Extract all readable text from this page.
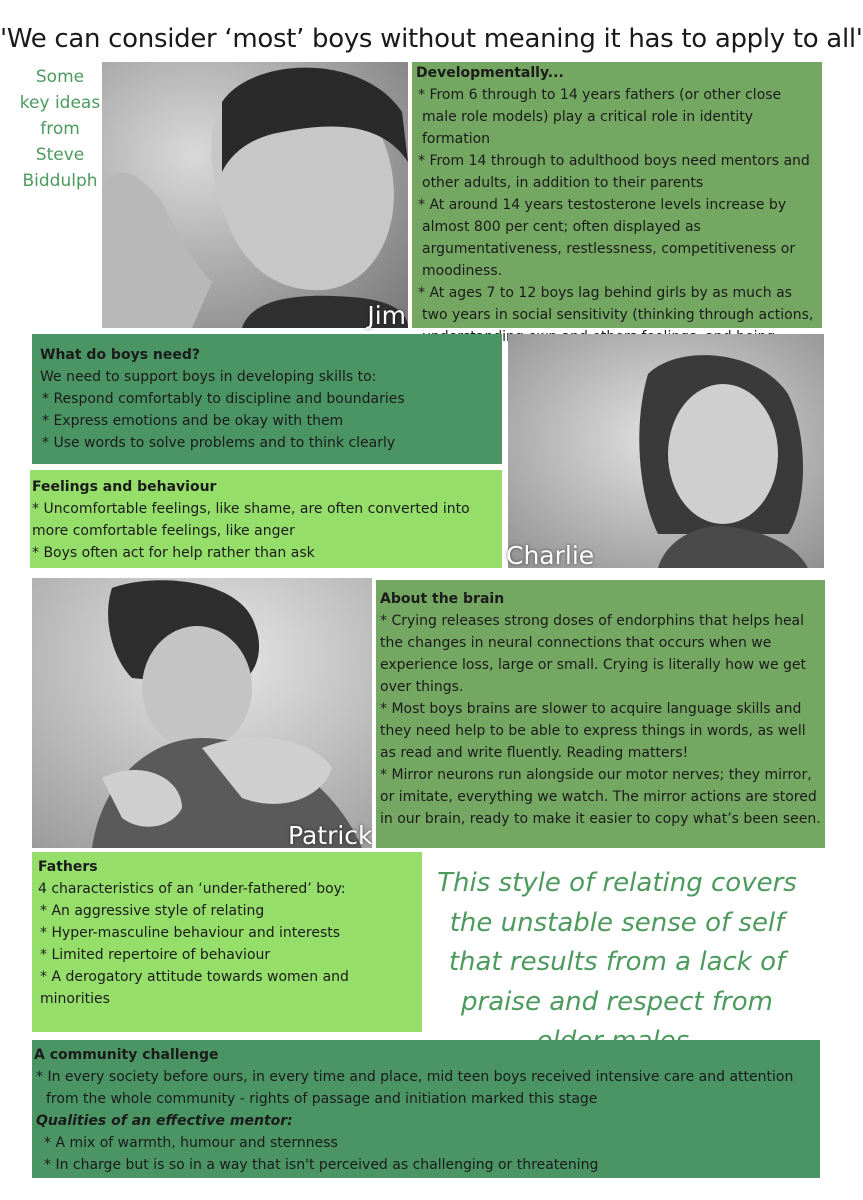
'We can consider ‘most’ boys without meaning it has to apply to all'
Some
key ideas
from
Steve
Biddulph
Jim
Developmentally...
* From 6 through to 14 years fathers (or other close male role models) play a critical role in identity formation
* From 14 through to adulthood boys need mentors and other adults, in addition to their parents
* At around 14 years testosterone levels increase by almost 800 per cent; often displayed as argumentativeness, restlessness, competitiveness or moodiness.
* At ages 7 to 12 boys lag behind girls by as much as two years in social sensitivity (thinking through actions,
What do boys need?
We need to support boys in developing skills to:
* Respond comfortably to discipline and boundaries
* Express emotions and be okay with them
* Use words to solve problems and to think clearly
Charlie
Feelings and behaviour
* Uncomfortable feelings, like shame, are often converted into more comfortable feelings, like anger
* Boys often act for help rather than ask
Patrick
About the brain
* Crying releases strong doses of endorphins that helps heal the changes in neural connections that occurs when we experience loss, large or small. Crying is literally how we get over things.
* Most boys brains are slower to acquire language skills and they need help to be able to express things in words, as well as read and write fluently. Reading matters!
* Mirror neurons run alongside our motor nerves; they mirror, or imitate, everything we watch. The mirror actions are stored in our brain, ready to make it easier to copy what’s been seen.
Fathers
4 characteristics of an ‘under-fathered’ boy:
* An aggressive style of relating
* Hyper-masculine behaviour and interests
* Limited repertoire of behaviour
* A derogatory attitude towards women and minorities
This style of relating covers the unstable sense of self that results from a lack of praise and respect from
A community challenge
* In every society before ours, in every time and place, mid teen boys received intensive care and attention from the whole community - rights of passage and initiation marked this stage
Qualities of an effective mentor:
* A mix of warmth, humour and sternness
* In charge but is so in a way that isn't perceived as challenging or threatening
